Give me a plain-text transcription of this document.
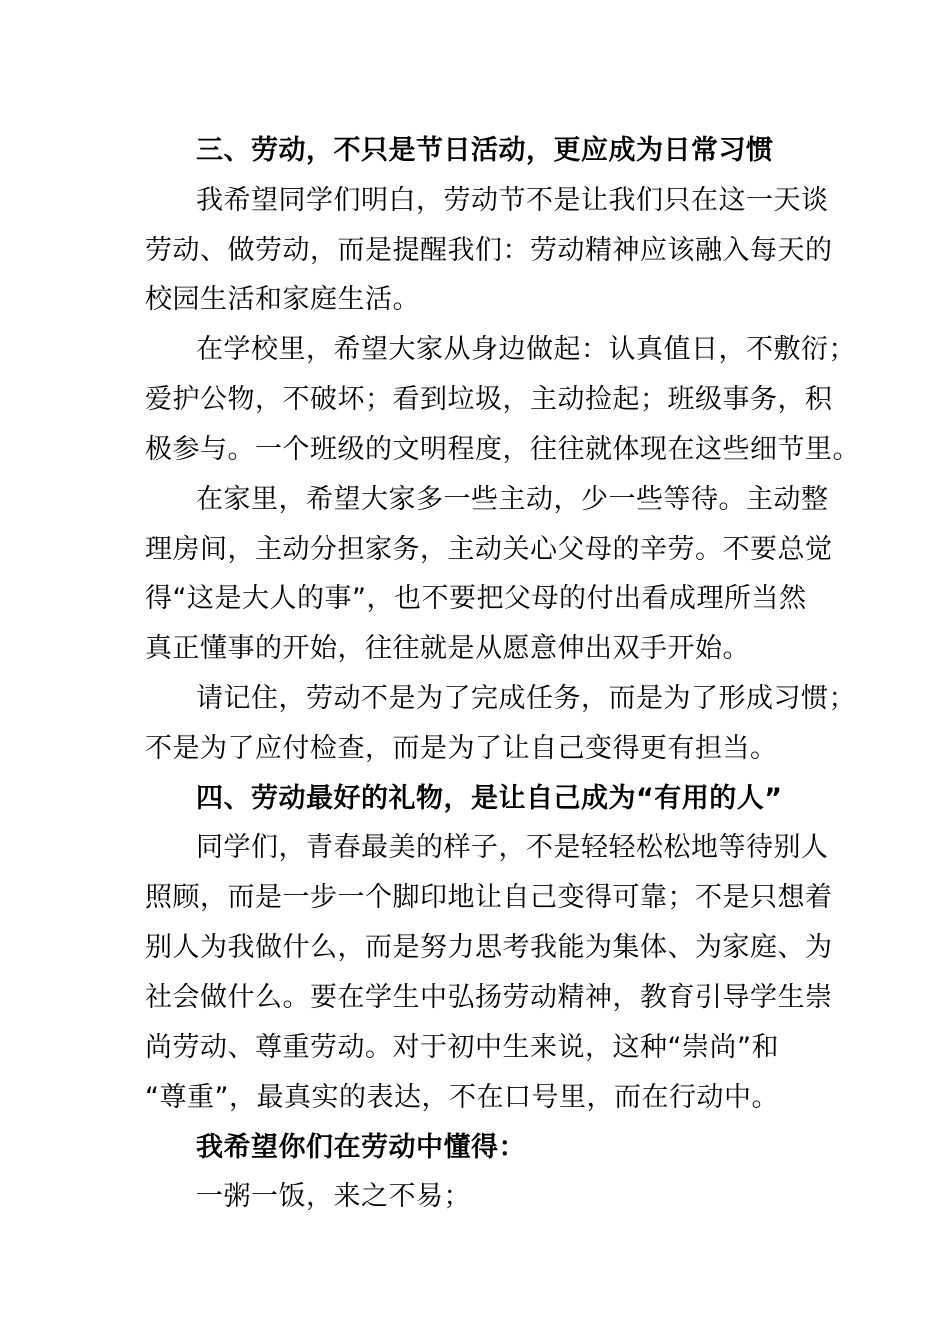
三、劳动，不只是节日活动，更应成为日常习惯
我希望同学们明白，劳动节不是让我们只在这一天谈
劳动、做劳动，而是提醒我们：劳动精神应该融入每天的
校园生活和家庭生活。
在学校里，希望大家从身边做起：认真值日，不敷衍；
爱护公物，不破坏；看到垃圾，主动捡起；班级事务，积
极参与。一个班级的文明程度，往往就体现在这些细节里。
在家里，希望大家多一些主动，少一些等待。主动整
理房间，主动分担家务，主动关心父母的辛劳。不要总觉
得“这是大人的事”，也不要把父母的付出看成理所当然
真正懂事的开始，往往就是从愿意伸出双手开始。
请记住，劳动不是为了完成任务，而是为了形成习惯；
不是为了应付检查，而是为了让自己变得更有担当。
四、劳动最好的礼物，是让自己成为“有用的人”
同学们，青春最美的样子，不是轻轻松松地等待别人
照顾，而是一步一个脚印地让自己变得可靠；不是只想着
别人为我做什么，而是努力思考我能为集体、为家庭、为
社会做什么。要在学生中弘扬劳动精神，教育引导学生崇
尚劳动、尊重劳动。对于初中生来说，这种“崇尚”和
“尊重”，最真实的表达，不在口号里，而在行动中。
我希望你们在劳动中懂得：
一粥一饭，来之不易；
